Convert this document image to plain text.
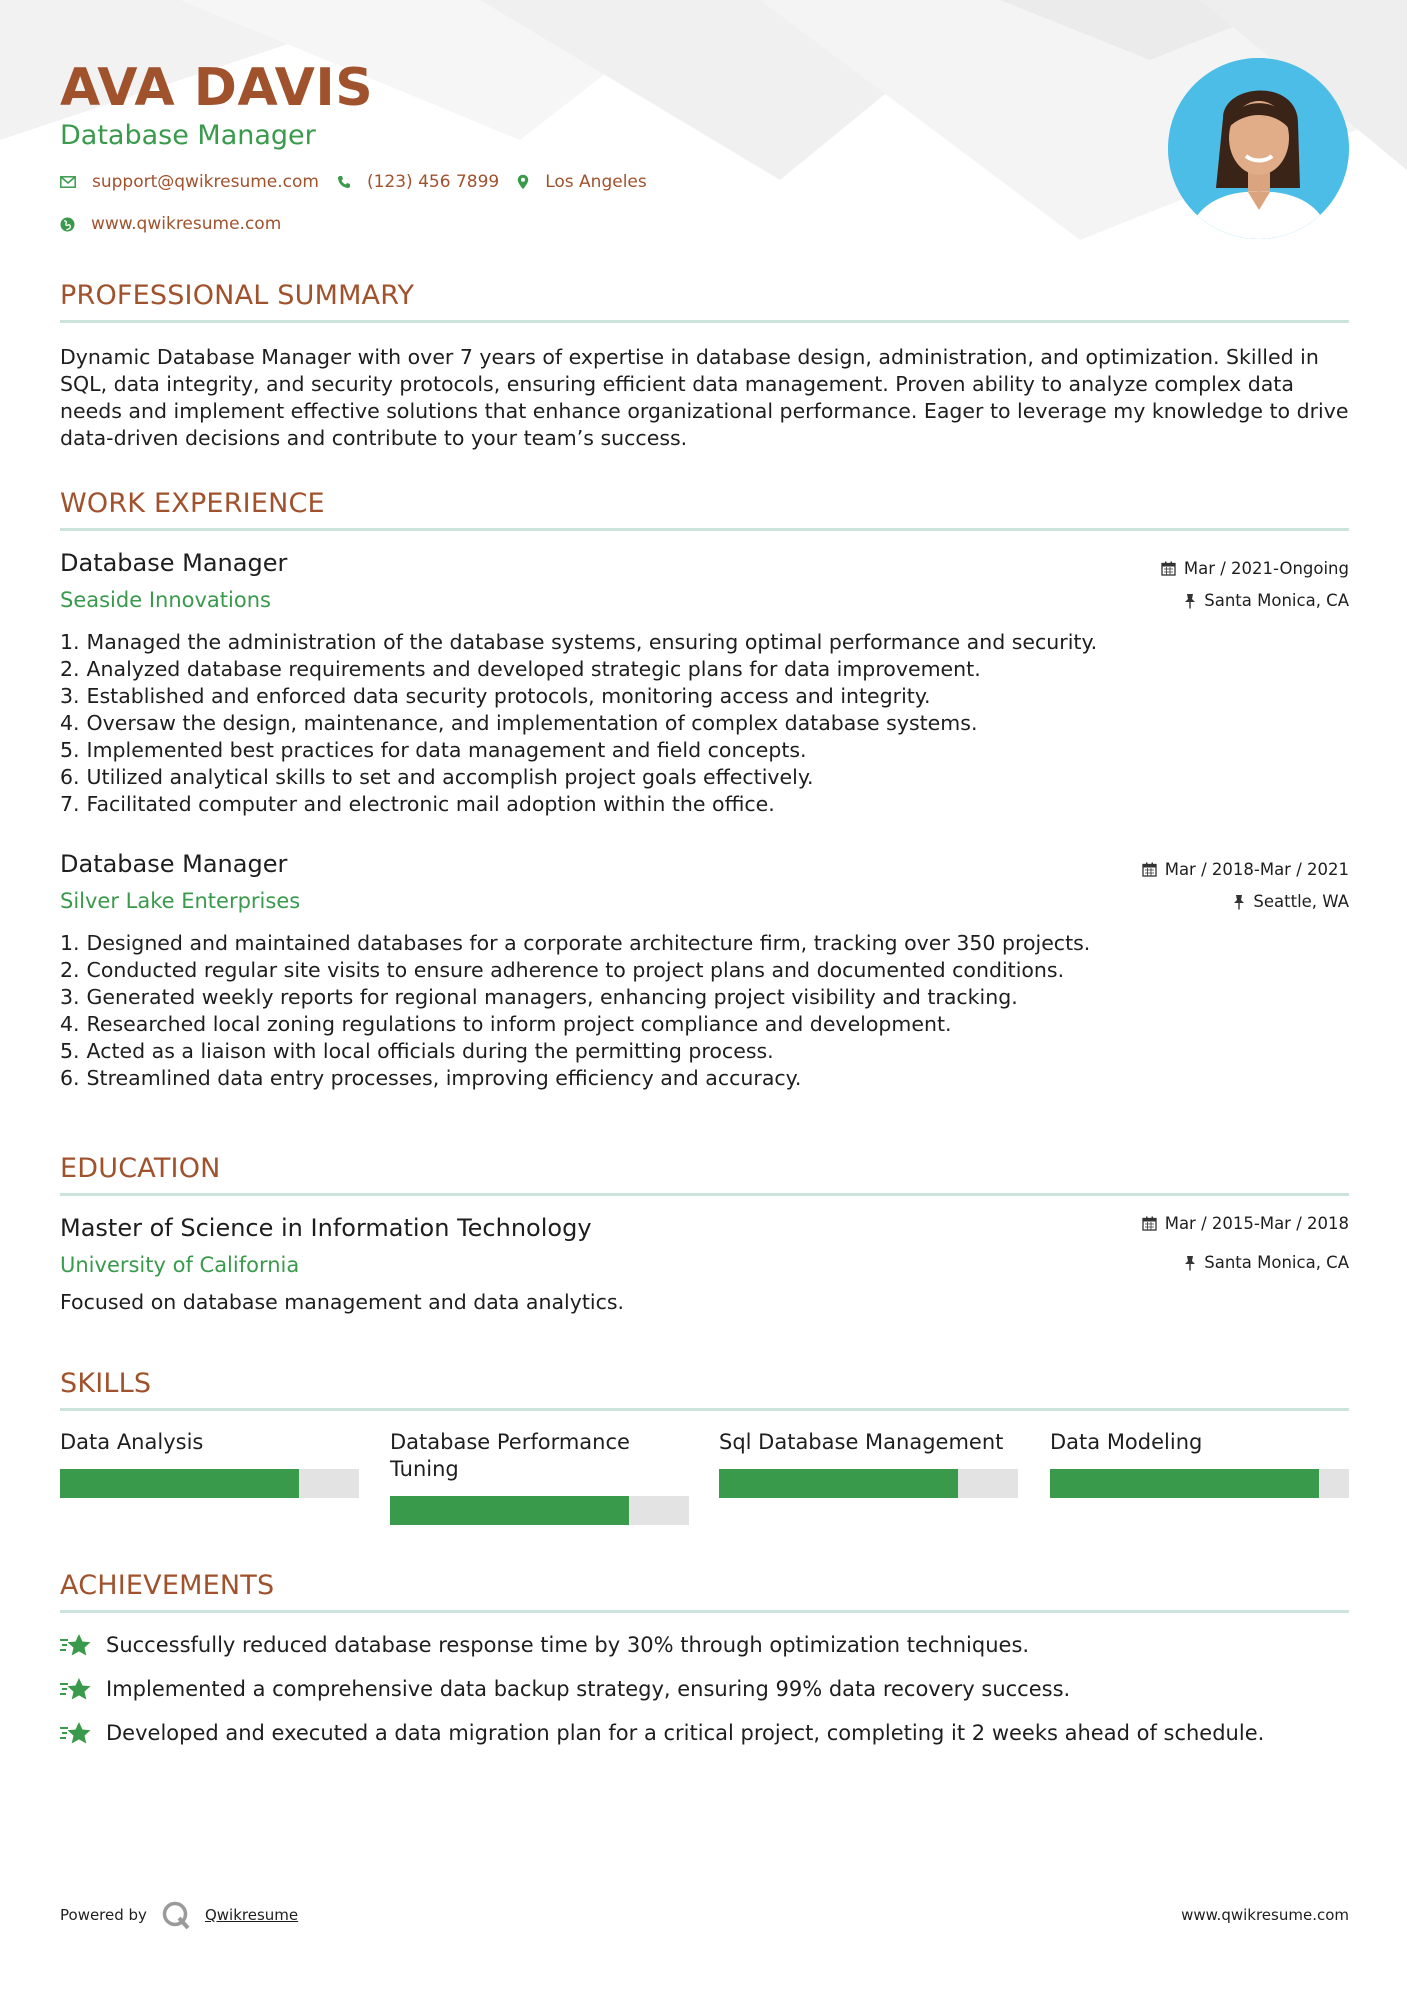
AVA DAVIS
Database Manager
support@qwikresume.com	(123) 456 7899	Los Angeles
www.qwikresume.com
PROFESSIONAL SUMMARY
Dynamic Database Manager with over 7 years of expertise in database design, administration, and optimization. Skilled in SQL, data integrity, and security protocols, ensuring efficient data management. Proven ability to analyze complex data needs and implement effective solutions that enhance organizational performance. Eager to leverage my knowledge to drive data-driven decisions and contribute to your team’s success.
WORK EXPERIENCE
Database Manager
Seaside Innovations
Mar / 2021-Ongoing
Santa Monica, CA
1.
Managed the administration of the database systems, ensuring optimal performance and security.
2.
Analyzed database requirements and developed strategic plans for data improvement.
3.
Established and enforced data security protocols, monitoring access and integrity.
4.
Oversaw the design, maintenance, and implementation of complex database systems.
5.
Implemented best practices for data management and field concepts.
6.
Utilized analytical skills to set and accomplish project goals effectively.
7.
Facilitated computer and electronic mail adoption within the office.
Database Manager
Silver Lake Enterprises
Mar / 2018-Mar / 2021
Seattle, WA
1.
Designed and maintained databases for a corporate architecture firm, tracking over 350 projects.
2.
Conducted regular site visits to ensure adherence to project plans and documented conditions.
3.
Generated weekly reports for regional managers, enhancing project visibility and tracking.
4.
Researched local zoning regulations to inform project compliance and development.
5.
Acted as a liaison with local officials during the permitting process.
6.
Streamlined data entry processes, improving efficiency and accuracy.
EDUCATION
Master of Science in Information Technology
University of California
Mar / 2015-Mar / 2018
Santa Monica, CA
Focused on database management and data analytics.
SKILLS
Data Analysis	Database Performance Tuning
Sql Database Management	Data Modeling
ACHIEVEMENTS
Successfully reduced database response time by 30% through optimization techniques.
Implemented a comprehensive data backup strategy, ensuring 99% data recovery success.
Developed and executed a data migration plan for a critical project, completing it 2 weeks ahead of schedule.
Powered by	Qwikresume	www.qwikresume.com
